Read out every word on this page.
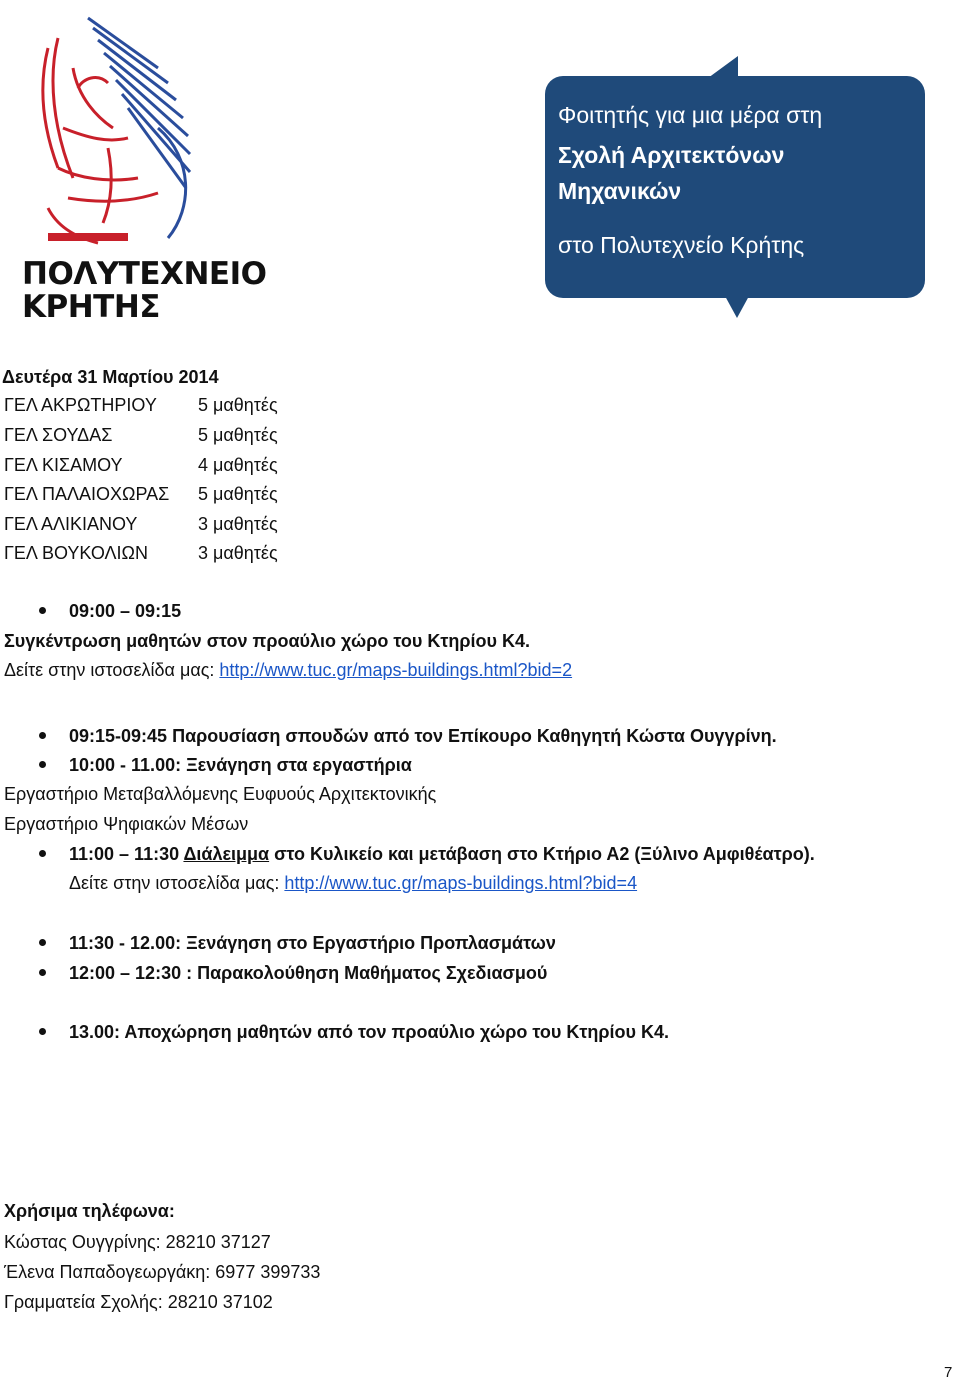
ΠΟΛΥΤΕΧΝΕΙΟ
ΚΡΗΤΗΣ
Φοιτητής για μια μέρα στη
Σχολή Αρχιτεκτόνων
Μηχανικών
στο Πολυτεχνείο Κρήτης
Δευτέρα 31 Μαρτίου 2014
ΓΕΛ ΑΚΡΩΤΗΡΙΟΥ 5 μαθητές
ΓΕΛ ΣΟΥΔΑΣ	5 μαθητές
ΓΕΛ ΚΙΣΑΜΟΥ	4 μαθητές
ΓΕΛ ΠΑΛΑΙΟΧΩΡΑΣ 5 μαθητές
ΓΕΛ ΑΛΙΚΙΑΝΟΥ	3 μαθητές
ΓΕΛ ΒΟΥΚΟΛΙΩΝ	3 μαθητές
09:00 – 09:15
Συγκέντρωση μαθητών στον προαύλιο χώρο του Κτηρίου Κ4.
Δείτε στην ιστοσελίδα μας: http://www.tuc.gr/maps-buildings.html?bid=2
09:15-09:45 Παρουσίαση σπουδών από τον Επίκουρο Καθηγητή Κώστα Ουγγρίνη.
10:00 - 11.00: Ξενάγηση στα εργαστήρια
Εργαστήριο Μεταβαλλόμενης Ευφυούς Αρχιτεκτονικής
Εργαστήριο Ψηφιακών Μέσων
11:00 – 11:30 Διάλειμμα στο Κυλικείο και μετάβαση στο Κτήριο Α2 (Ξύλινο Αμφιθέατρο).
Δείτε στην ιστοσελίδα μας: http://www.tuc.gr/maps-buildings.html?bid=4
11:30 - 12.00: Ξενάγηση στο Εργαστήριο Προπλασμάτων
12:00 – 12:30 : Παρακολούθηση Μαθήματος Σχεδιασμού
13.00: Αποχώρηση μαθητών από τον προαύλιο χώρο του Κτηρίου Κ4.
Χρήσιμα τηλέφωνα:
Κώστας Ουγγρίνης: 28210 37127
Έλενα Παπαδογεωργάκη: 6977 399733
Γραμματεία Σχολής: 28210 37102
7
